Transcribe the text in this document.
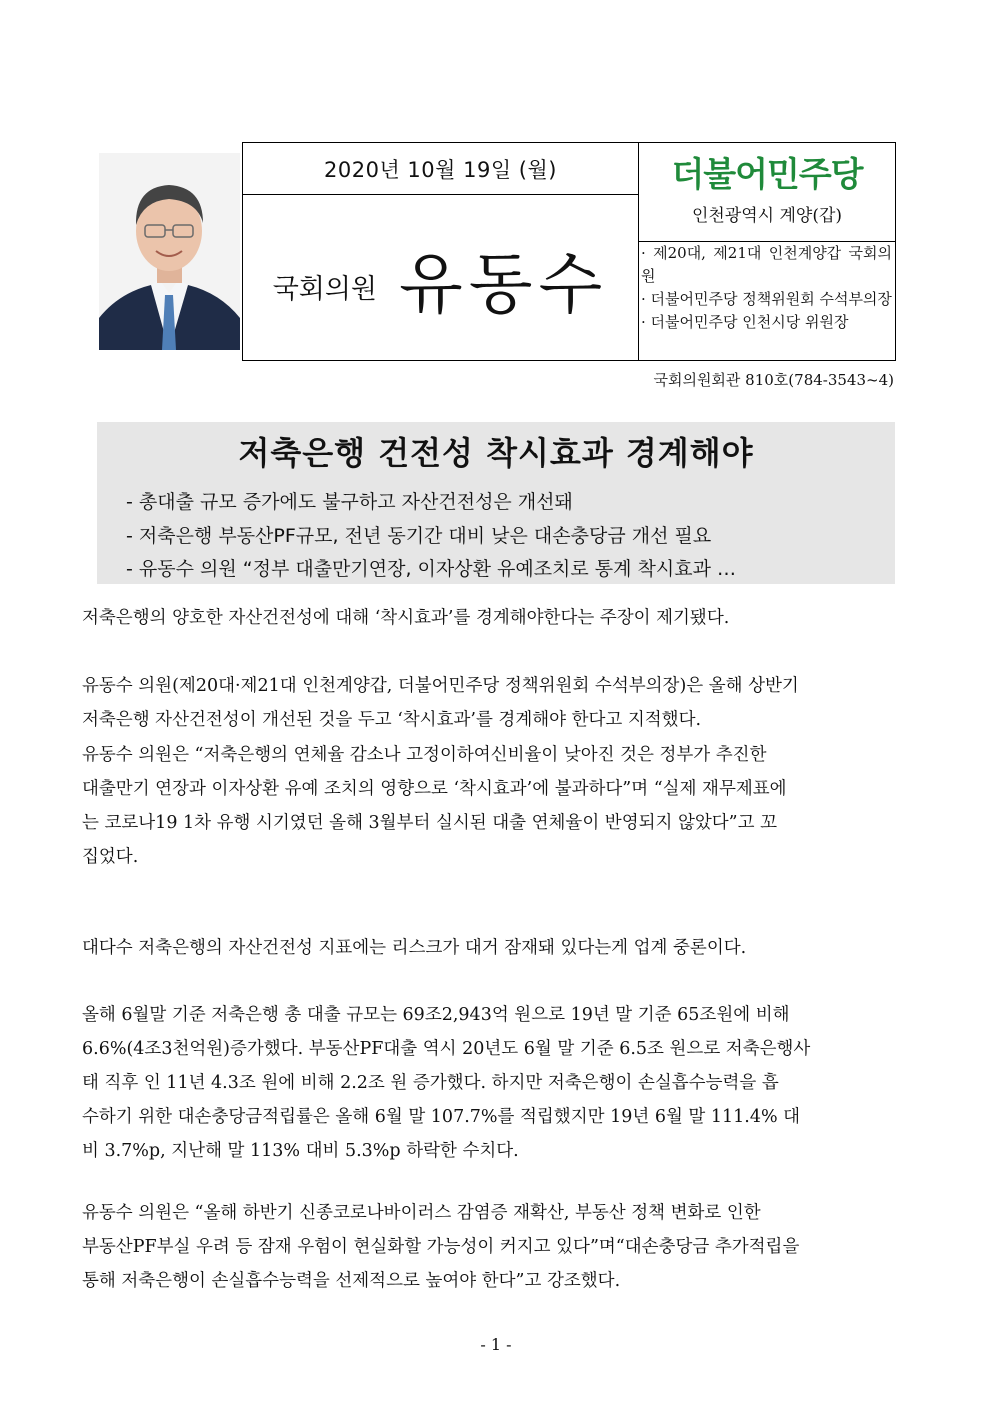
2020년 10월 19일 (월)
국회의원 유동수
더불어민주당
인천광역시 계양(갑)
· 제20대, 제21대 인천계양갑 국회의원
· 더불어민주당 정책위원회 수석부의장
· 더불어민주당 인천시당 위원장
국회의원회관 810호(784-3543~4)
저축은행 건전성 착시효과 경계해야
- 총대출 규모 증가에도 불구하고 자산건전성은 개선돼
- 저축은행 부동산PF규모, 전년 동기간 대비 낮은 대손충당금 개선 필요
- 유동수 의원 “정부 대출만기연장, 이자상환 유예조치로 통계 착시효과 …
저축은행의 양호한 자산건전성에 대해 ‘착시효과’를 경계해야한다는 주장이 제기됐다.
유동수 의원(제20대·제21대 인천계양갑, 더불어민주당 정책위원회 수석부의장)은 올해 상반기
저축은행 자산건전성이 개선된 것을 두고 ‘착시효과’를 경계해야 한다고 지적했다.
유동수 의원은 “저축은행의 연체율 감소나 고정이하여신비율이 낮아진 것은 정부가 추진한
대출만기 연장과 이자상환 유예 조치의 영향으로 ‘착시효과’에 불과하다”며 “실제 재무제표에
는 코로나19 1차 유행 시기였던 올해 3월부터 실시된 대출 연체율이 반영되지 않았다”고 꼬
집었다.
대다수 저축은행의 자산건전성 지표에는 리스크가 대거 잠재돼 있다는게 업계 중론이다.
올해 6월말 기준 저축은행 총 대출 규모는 69조2,943억 원으로 19년 말 기준 65조원에 비해
6.6%(4조3천억원)증가했다. 부동산PF대출 역시 20년도 6월 말 기준 6.5조 원으로 저축은행사
태 직후 인 11년 4.3조 원에 비해 2.2조 원 증가했다. 하지만 저축은행이 손실흡수능력을 흡
수하기 위한 대손충당금적립률은 올해 6월 말 107.7%를 적립했지만 19년 6월 말 111.4% 대
비 3.7%p, 지난해 말 113% 대비 5.3%p 하락한 수치다.
유동수 의원은 “올해 하반기 신종코로나바이러스 감염증 재확산, 부동산 정책 변화로 인한
부동산PF부실 우려 등 잠재 우험이 현실화할 가능성이 커지고 있다”며“대손충당금 추가적립을
통해 저축은행이 손실흡수능력을 선제적으로 높여야 한다”고 강조했다.
- 1 -
